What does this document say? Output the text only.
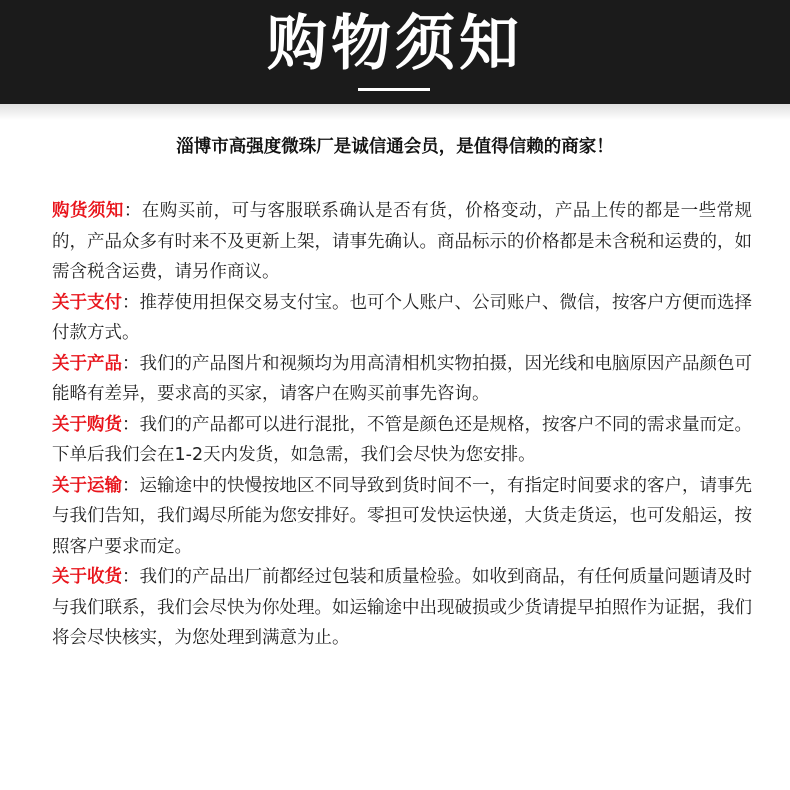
购物须知
淄博市高强度微珠厂是诚信通会员，是值得信赖的商家！

购货须知：在购买前，可与客服联系确认是否有货，价格变动，产品上传的都是一些常规的，产品众多有时来不及更新上架，请事先确认。商品标示的价格都是未含税和运费的，如需含税含运费，请另作商议。

关于支付：推荐使用担保交易支付宝。也可个人账户、公司账户、微信，按客户方便而选择付款方式。

关于产品：我们的产品图片和视频均为用高清相机实物拍摄，因光线和电脑原因产品颜色可能略有差异，要求高的买家，请客户在购买前事先咨询。

关于购货：我们的产品都可以进行混批，不管是颜色还是规格，按客户不同的需求量而定。下单后我们会在1-2天内发货，如急需，我们会尽快为您安排。

关于运输：运输途中的快慢按地区不同导致到货时间不一，有指定时间要求的客户，请事先与我们告知，我们竭尽所能为您安排好。零担可发快运快递，大货走货运，也可发船运，按照客户要求而定。

关于收货：我们的产品出厂前都经过包装和质量检验。如收到商品，有任何质量问题请及时与我们联系，我们会尽快为你处理。如运输途中出现破损或少货请提早拍照作为证据，我们将会尽快核实，为您处理到满意为止。
